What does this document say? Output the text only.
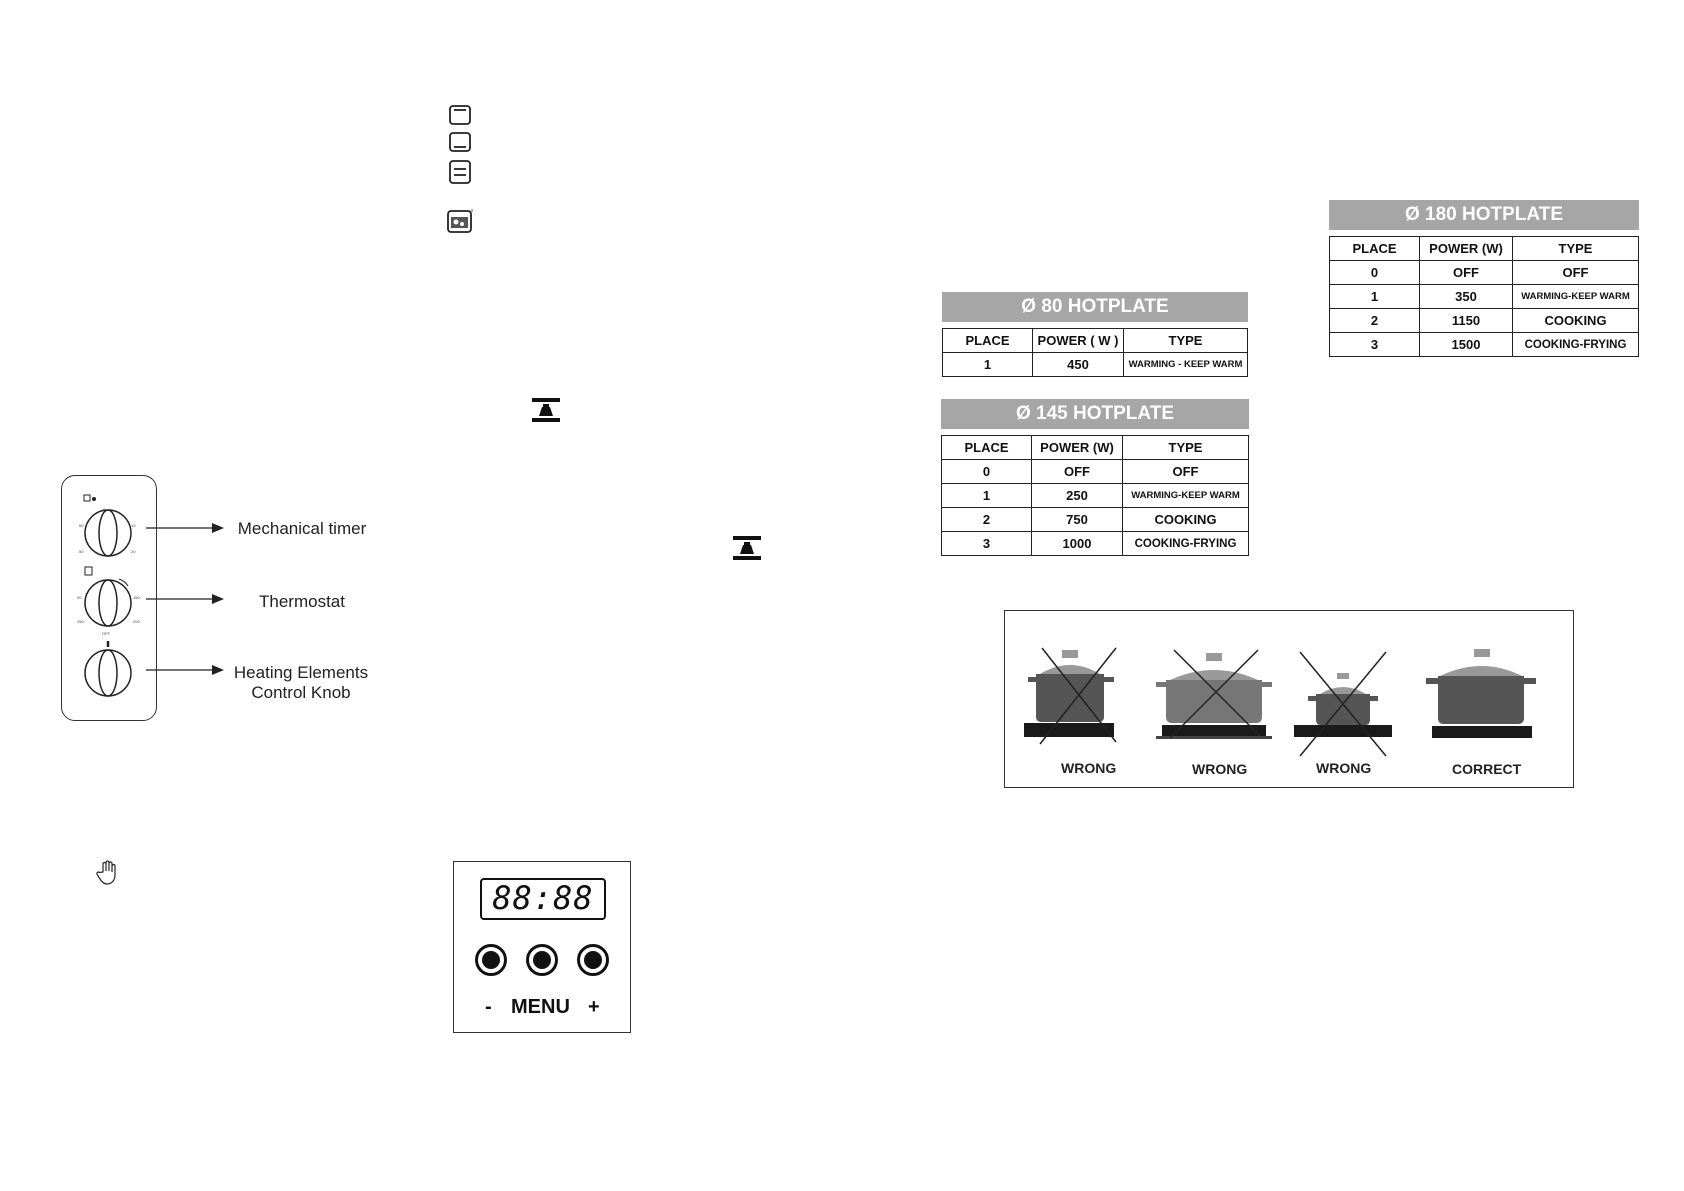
60	10
50	20
0
90	150
250	200
OFF
Mechanical timer
Thermostat
Heating Elements Control Knob
88:88
- MENU +
Ø 80 HOTPLATE
PLACE	POWER ( W )	TYPE
1	450	WARMING - KEEP WARM
Ø 145 HOTPLATE
PLACE	POWER (W)	TYPE
0	OFF	OFF
1	250	WARMING-KEEP WARM
2	750	COOKING
3	1000	COOKING-FRYING
Ø 180 HOTPLATE
PLACE	POWER (W)	TYPE
0	OFF	OFF
1	350	WARMING-KEEP WARM
2	1150	COOKING
3	1500	COOKING-FRYING
WRONG	WRONG	WRONG	CORRECT
